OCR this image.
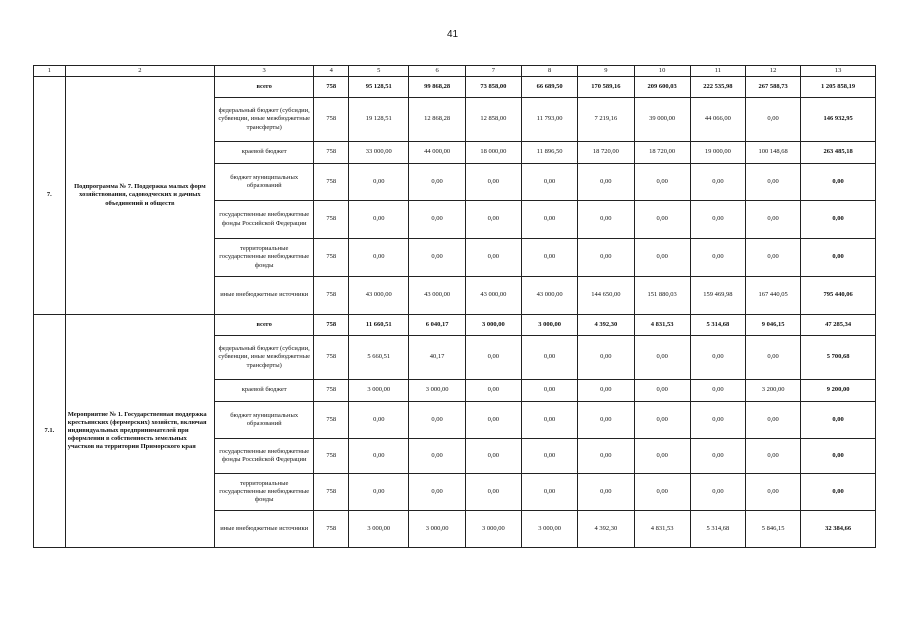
41
1	2	3	4	5	6	7	8	9	10	11	12	13
7.	Подпрограмма № 7. Поддержка малых форм хозяйствования, садоводческих и дачных объединений и обществ	всего	758	95 128,51	99 868,28	73 858,00	66 689,50	170 589,16	209 600,03	222 535,98	267 588,73	1 205 858,19
		федеральный бюджет (субсидии, субвенции, иные межбюджетные трансферты)	758	19 128,51	12 868,28	12 858,00	11 793,00	7 219,16	39 000,00	44 066,00	0,00	146 932,95
		краевой бюджет	758	33 000,00	44 000,00	18 000,00	11 896,50	18 720,00	18 720,00	19 000,00	100 148,68	263 485,18
		бюджет муниципальных образований	758	0,00	0,00	0,00	0,00	0,00	0,00	0,00	0,00	0,00
		государственные внебюджетные фонды Российской Федерации	758	0,00	0,00	0,00	0,00	0,00	0,00	0,00	0,00	0,00
		территориальные государственные внебюджетные фонды	758	0,00	0,00	0,00	0,00	0,00	0,00	0,00	0,00	0,00
		иные внебюджетные источники	758	43 000,00	43 000,00	43 000,00	43 000,00	144 650,00	151 880,03	159 469,98	167 440,05	795 440,06
7.1.	Мероприятие № 1. Государственная поддержка крестьянских (фермерских) хозяйств, включая индивидуальных предпринимателей при оформлении в собственность земельных участков на территории Приморского края	всего	758	11 660,51	6 040,17	3 000,00	3 000,00	4 392,30	4 831,53	5 314,68	9 046,15	47 285,34
		федеральный бюджет (субсидии, субвенции, иные межбюджетные трансферты)	758	5 660,51	40,17	0,00	0,00	0,00	0,00	0,00	0,00	5 700,68
		краевой бюджет	758	3 000,00	3 000,00	0,00	0,00	0,00	0,00	0,00	3 200,00	9 200,00
		бюджет муниципальных образований	758	0,00	0,00	0,00	0,00	0,00	0,00	0,00	0,00	0,00
		государственные внебюджетные фонды Российской Федерации	758	0,00	0,00	0,00	0,00	0,00	0,00	0,00	0,00	0,00
		территориальные государственные внебюджетные фонды	758	0,00	0,00	0,00	0,00	0,00	0,00	0,00	0,00	0,00
		иные внебюджетные источники	758	3 000,00	3 000,00	3 000,00	3 000,00	4 392,30	4 831,53	5 314,68	5 846,15	32 384,66
